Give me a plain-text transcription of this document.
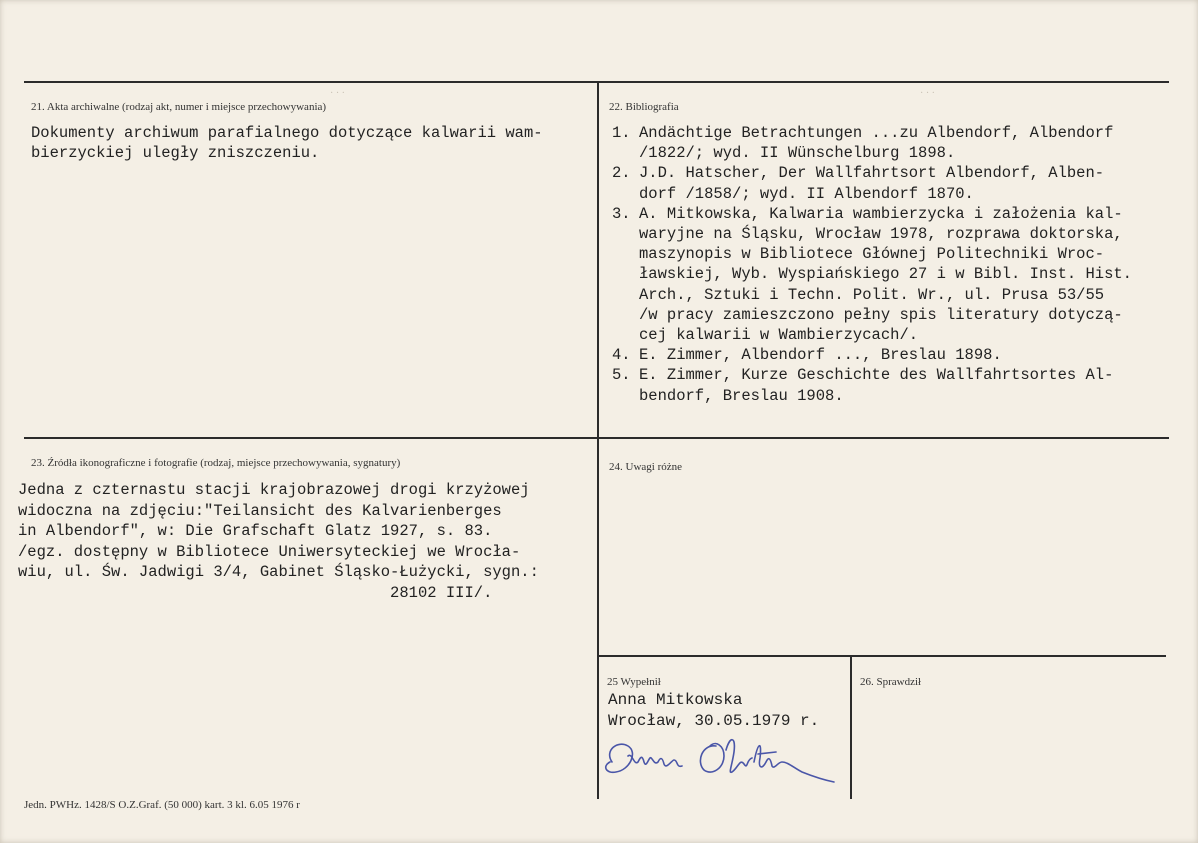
· · ·	· · ·
21. Akta archiwalne (rodzaj akt, numer i miejsce przechowywania)
Dokumenty archiwum parafialnego dotyczące kalwarii wam-
bierzyckiej uległy zniszczeniu.
22. Bibliografia
1. Andächtige Betrachtungen ...zu Albendorf, Albendorf
/1822/; wyd. II Wünschelburg 1898.
2. J.D. Hatscher, Der Wallfahrtsort Albendorf, Alben-
dorf /1858/; wyd. II Albendorf 1870.
3. A. Mitkowska, Kalwaria wambierzycka i założenia kal-
waryjne na Śląsku, Wrocław 1978, rozprawa doktorska,
maszynopis w Bibliotece Głównej Politechniki Wroc-
ławskiej, Wyb. Wyspiańskiego 27 i w Bibl. Inst. Hist.
Arch., Sztuki i Techn. Polit. Wr., ul. Prusa 53/55
/w pracy zamieszczono pełny spis literatury dotyczą-
cej kalwarii w Wambierzycach/.
4. E. Zimmer, Albendorf ..., Breslau 1898.
5. E. Zimmer, Kurze Geschichte des Wallfahrtsortes Al-
bendorf, Breslau 1908.
23. Źródła ikonograficzne i fotografie (rodzaj, miejsce przechowywania, sygnatury)
Jedna z czternastu stacji krajobrazowej drogi krzyżowej
widoczna na zdjęciu:"Teilansicht des Kalvarienberges
in Albendorf", w: Die Grafschaft Glatz 1927, s. 83.
/egz. dostępny w Bibliotece Uniwersyteckiej we Wrocła-
wiu, ul. Św. Jadwigi 3/4, Gabinet Śląsko-Łużycki, sygn.:
28102 III/.
24. Uwagi różne
25 Wypełnił
Anna Mitkowska
Wrocław, 30.05.1979 r.
26. Sprawdził
Jedn. PWHz. 1428/S O.Z.Graf. (50 000) kart. 3 kl. 6.05 1976 r
